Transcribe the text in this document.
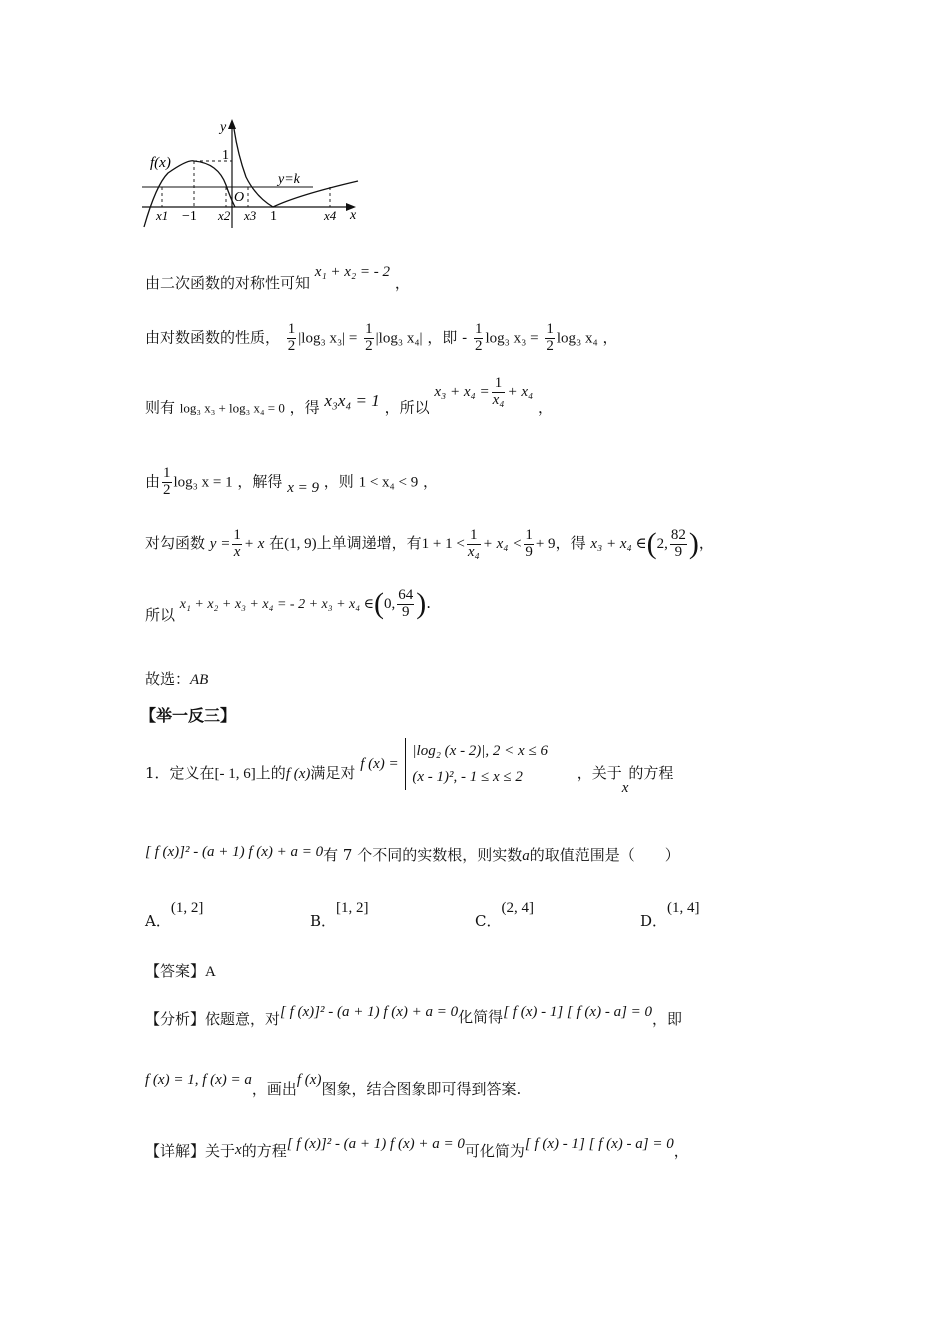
f(x)
y
1
O
y=k
x
x1 −1 x2 x3 1	x4
由二次函数的对称性可知 x₁ + x₂ = - 2 ，
由对数函数的性质， $\frac{1}{2} |\log_3$ $x_3| = \frac{1}{2} |\log_3$ x₄| ，即 - $\frac{1}{2} \log_3$ $x_3 = \frac{1}{2} \log_3$ x₄ ，
则有 log₃ x₃ + log₃ x₄ = 0 ，得 x₃x₄ = 1 ，所以 $x_3 + x_4 = \frac{1}{\text{x₄}} + x_4$ ，
由 $\frac{1}{2} \log_3$ x = 1 ，解得 x = 9 ，则 1 < x₄ < 9 ，
对勾函数 $y = \frac{1}{x} + x$ 在(1, 9)上单调递增，有$1 + 1 < \frac{1}{\text{x₄}} + x_4 < \frac{1}{9} + 9$，得 x₃ + x₄ ∈(2, $\frac{82}{9}$ )，
所以 x₁ + x₂ + x₃ + x₄ = - 2 + x₃ + x₄ ∈(0, $\frac{64}{9}$ ).
故选：AB
【举一反三】
1．定义在[- 1, 6]上的f (x)满足对 f (x) =
|log₂ (x - 2)|, 2 < x ≤ 6
(x - 1)², - 1 ≤ x ≤ 2	，关于x的方程
[ f (x)]² - (a + 1) f (x) + a = 0有 7 个不同的实数根，则实数a的取值范围是（　　）
A．(1, 2]
B．[1, 2]
C．(2, 4]
D．(1, 4]
【答案】A
【分析】依题意，对[ f (x)]² - (a + 1) f (x) + a = 0化简得[ f (x) - 1] [ f (x) - a] = 0，即
f (x) = 1, f (x) = a，画出f (x)图象，结合图象即可得到答案.
【详解】关于x的方程[ f (x)]² - (a + 1) f (x) + a = 0可化简为[ f (x) - 1] [ f (x) - a] = 0，
